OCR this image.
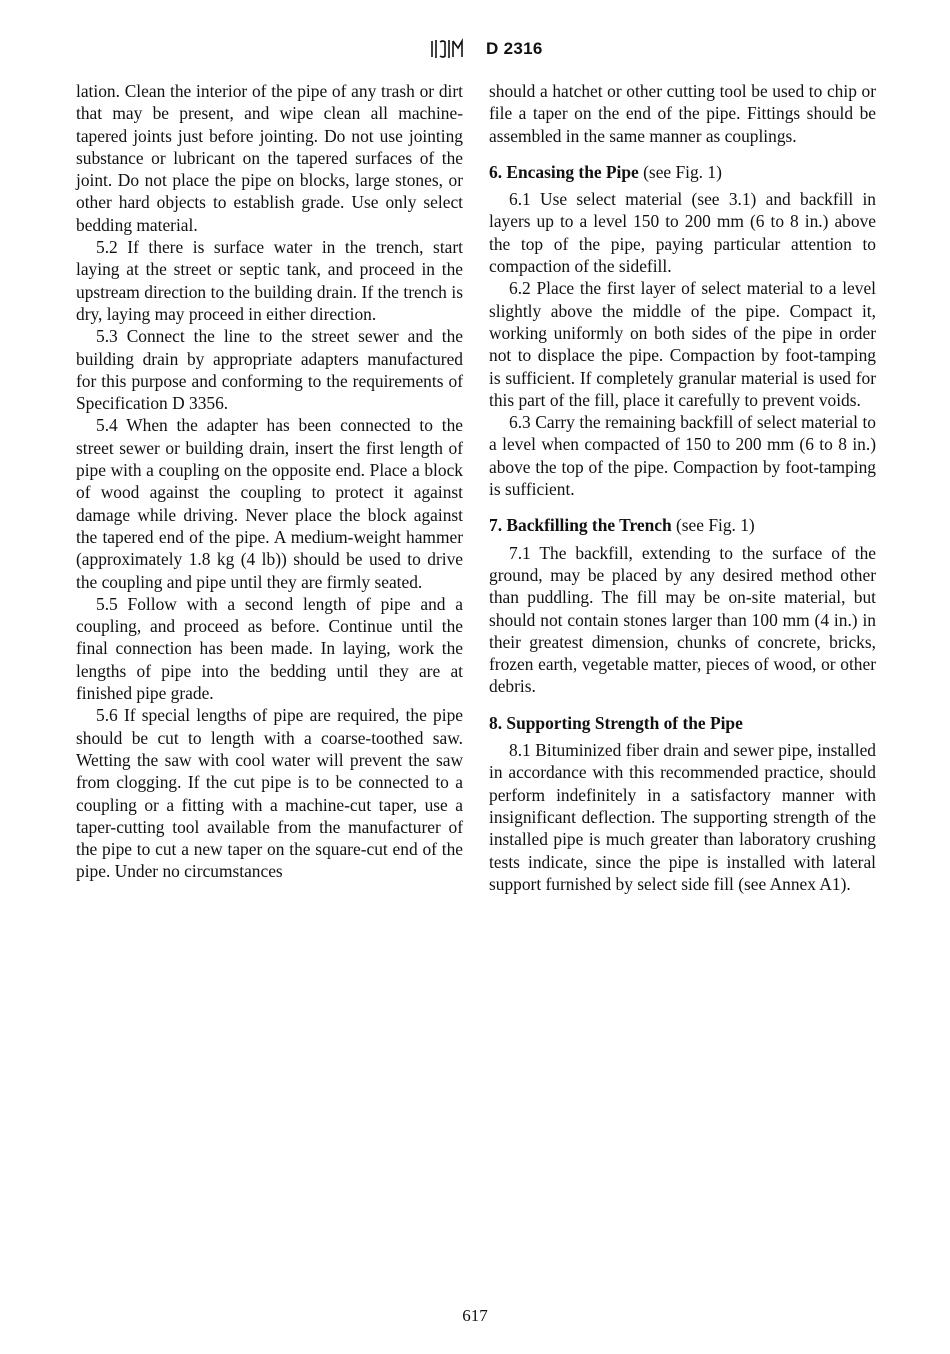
D 2316

lation. Clean the interior of the pipe of any trash or dirt that may be present, and wipe clean all machine-tapered joints just before jointing. Do not use jointing substance or lubricant on the tapered surfaces of the joint. Do not place the pipe on blocks, large stones, or other hard objects to establish grade. Use only select bedding material.

5.2 If there is surface water in the trench, start laying at the street or septic tank, and proceed in the upstream direction to the building drain. If the trench is dry, laying may proceed in either direction.

5.3 Connect the line to the street sewer and the building drain by appropriate adapters manufactured for this purpose and conforming to the requirements of Specification D 3356.

5.4 When the adapter has been connected to the street sewer or building drain, insert the first length of pipe with a coupling on the opposite end. Place a block of wood against the coupling to protect it against damage while driving. Never place the block against the tapered end of the pipe. A medium-weight hammer (approximately 1.8 kg (4 lb)) should be used to drive the coupling and pipe until they are firmly seated.

5.5 Follow with a second length of pipe and a coupling, and proceed as before. Continue until the final connection has been made. In laying, work the lengths of pipe into the bedding until they are at finished pipe grade.

5.6 If special lengths of pipe are required, the pipe should be cut to length with a coarse-toothed saw. Wetting the saw with cool water will prevent the saw from clogging. If the cut pipe is to be connected to a coupling or a fitting with a machine-cut taper, use a taper-cutting tool available from the manufacturer of the pipe to cut a new taper on the square-cut end of the pipe. Under no circumstances

should a hatchet or other cutting tool be used to chip or file a taper on the end of the pipe. Fittings should be assembled in the same manner as couplings.

6. Encasing the Pipe (see Fig. 1)

6.1 Use select material (see 3.1) and backfill in layers up to a level 150 to 200 mm (6 to 8 in.) above the top of the pipe, paying particular attention to compaction of the sidefill.

6.2 Place the first layer of select material to a level slightly above the middle of the pipe. Compact it, working uniformly on both sides of the pipe in order not to displace the pipe. Compaction by foot-tamping is sufficient. If completely granular material is used for this part of the fill, place it carefully to prevent voids.

6.3 Carry the remaining backfill of select material to a level when compacted of 150 to 200 mm (6 to 8 in.) above the top of the pipe. Compaction by foot-tamping is sufficient.

7. Backfilling the Trench (see Fig. 1)

7.1 The backfill, extending to the surface of the ground, may be placed by any desired method other than puddling. The fill may be on-site material, but should not contain stones larger than 100 mm (4 in.) in their greatest dimension, chunks of concrete, bricks, frozen earth, vegetable matter, pieces of wood, or other debris.

8. Supporting Strength of the Pipe

8.1 Bituminized fiber drain and sewer pipe, installed in accordance with this recommended practice, should perform indefinitely in a satisfactory manner with insignificant deflection. The supporting strength of the installed pipe is much greater than laboratory crushing tests indicate, since the pipe is installed with lateral support furnished by select side fill (see Annex A1).

617
